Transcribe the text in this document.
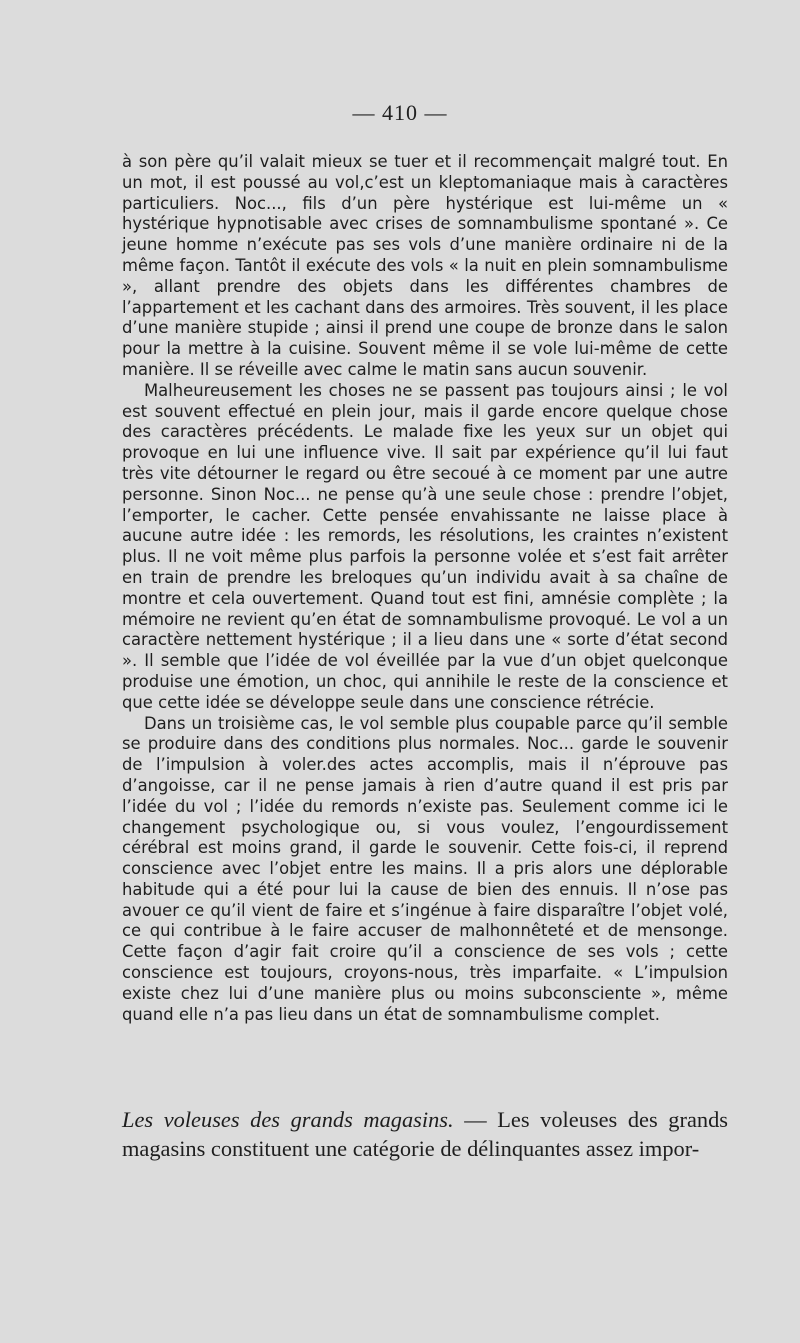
— 410 —

à son père qu’il valait mieux se tuer et il recommençait malgré tout. En un mot, il est poussé au vol,c’est un kleptomaniaque mais à caractères particuliers. Noc..., fils d’un père hystérique est lui-même un « hystérique hypnotisable avec crises de somnambulisme spontané ». Ce jeune homme n’exécute pas ses vols d’une manière ordinaire ni de la même façon. Tantôt il exécute des vols « la nuit en plein somnambulisme », allant prendre des objets dans les différentes chambres de l’appartement et les cachant dans des armoires. Très souvent, il les place d’une manière stupide ; ainsi il prend une coupe de bronze dans le salon pour la mettre à la cuisine. Souvent même il se vole lui-même de cette manière. Il se réveille avec calme le matin sans aucun souvenir.

Malheureusement les choses ne se passent pas toujours ainsi ; le vol est souvent effectué en plein jour, mais il garde encore quelque chose des caractères précédents. Le malade fixe les yeux sur un objet qui provoque en lui une influence vive. Il sait par expérience qu’il lui faut très vite détourner le regard ou être secoué à ce moment par une autre personne. Sinon Noc... ne pense qu’à une seule chose : prendre l’objet, l’emporter, le cacher. Cette pensée envahissante ne laisse place à aucune autre idée : les remords, les résolutions, les craintes n’existent plus. Il ne voit même plus parfois la personne volée et s’est fait arrêter en train de prendre les breloques qu’un individu avait à sa chaîne de montre et cela ouvertement. Quand tout est fini, amnésie complète ; la mémoire ne revient qu’en état de somnambulisme provoqué. Le vol a un caractère nettement hystérique ; il a lieu dans une « sorte d’état second ». Il semble que l’idée de vol éveillée par la vue d’un objet quelconque produise une émotion, un choc, qui annihile le reste de la conscience et que cette idée se développe seule dans une conscience rétrécie.

Dans un troisième cas, le vol semble plus coupable parce qu’il semble se produire dans des conditions plus normales. Noc... garde le souvenir de l’impulsion à voler.des actes accomplis, mais il n’éprouve pas d’angoisse, car il ne pense jamais à rien d’autre quand il est pris par l’idée du vol ; l’idée du remords n’existe pas. Seulement comme ici le changement psychologique ou, si vous voulez, l’engourdissement cérébral est moins grand, il garde le souvenir. Cette fois-ci, il reprend conscience avec l’objet entre les mains. Il a pris alors une déplorable habitude qui a été pour lui la cause de bien des ennuis. Il n’ose pas avouer ce qu’il vient de faire et s’ingénue à faire disparaître l’objet volé, ce qui contribue à le faire accuser de malhonnêteté et de mensonge. Cette façon d’agir fait croire qu’il a conscience de ses vols ; cette conscience est toujours, croyons-nous, très imparfaite. « L’impulsion existe chez lui d’une manière plus ou moins subconsciente », même quand elle n’a pas lieu dans un état de somnambulisme complet.

Les voleuses des grands magasins. — Les voleuses des grands magasins constituent une catégorie de délinquantes assez impor-
